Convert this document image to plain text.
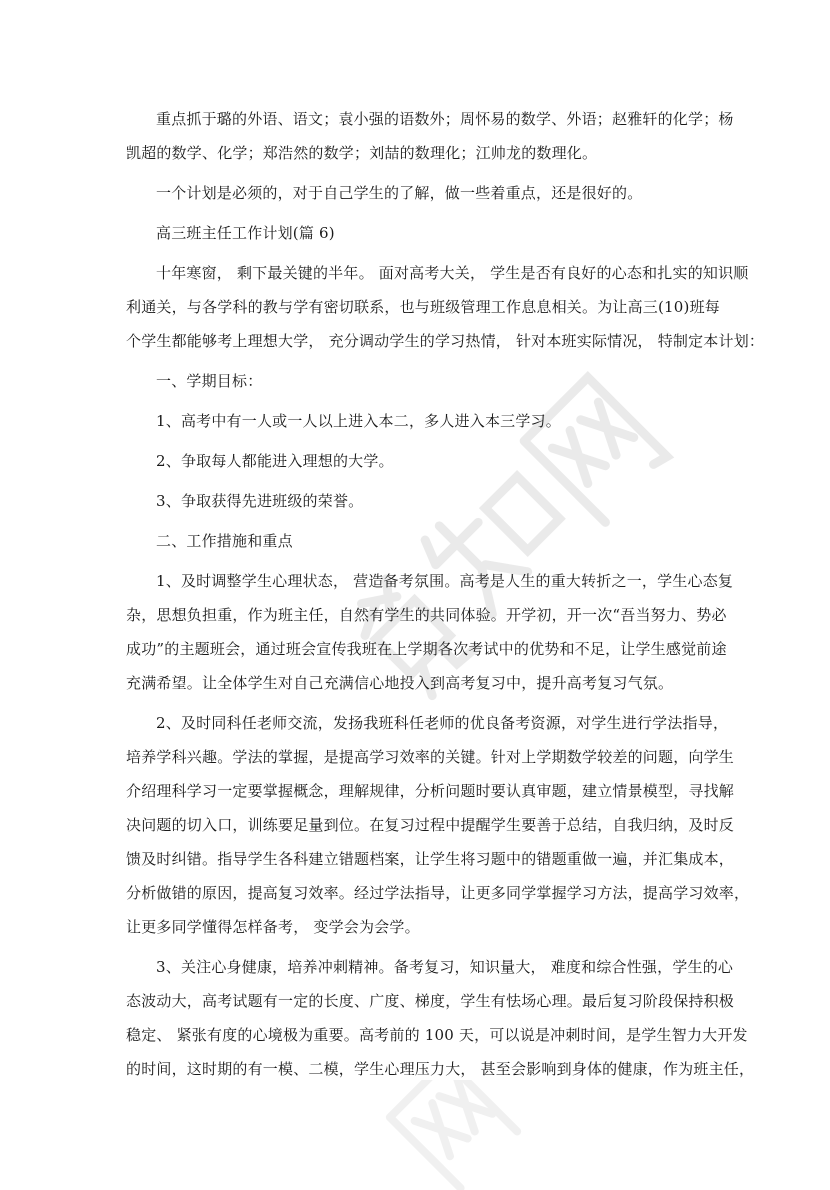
重点抓于璐的外语、语文；袁小强的语数外；周怀易的数学、外语；赵雅轩的化学；杨

凯超的数学、化学；郑浩然的数学；刘喆的数理化；江帅龙的数理化。

一个计划是必须的，对于自己学生的了解，做一些着重点，还是很好的。

高三班主任工作计划(篇 6)

十年寒窗， 剩下最关键的半年。 面对高考大关， 学生是否有良好的心态和扎实的知识顺

利通关，与各学科的教与学有密切联系，也与班级管理工作息息相关。为让高三(10)班每

个学生都能够考上理想大学， 充分调动学生的学习热情， 针对本班实际情况， 特制定本计划：

一、学期目标：

1、高考中有一人或一人以上进入本二，多人进入本三学习。

2、争取每人都能进入理想的大学。

3、争取获得先进班级的荣誉。

二、工作措施和重点

1、及时调整学生心理状态， 营造备考氛围。高考是人生的重大转折之一，学生心态复

杂，思想负担重，作为班主任，自然有学生的共同体验。开学初，开一次“吾当努力、势必

成功”的主题班会，通过班会宣传我班在上学期各次考试中的优势和不足，让学生感觉前途

充满希望。让全体学生对自己充满信心地投入到高考复习中，提升高考复习气氛。

2、及时同科任老师交流，发扬我班科任老师的优良备考资源，对学生进行学法指导，

培养学科兴趣。学法的掌握，是提高学习效率的关键。针对上学期数学较差的问题，向学生

介绍理科学习一定要掌握概念，理解规律，分析问题时要认真审题，建立情景模型，寻找解

决问题的切入口，训练要足量到位。在复习过程中提醒学生要善于总结，自我归纳，及时反

馈及时纠错。指导学生各科建立错题档案，让学生将习题中的错题重做一遍，并汇集成本，

分析做错的原因，提高复习效率。经过学法指导，让更多同学掌握学习方法，提高学习效率，

让更多同学懂得怎样备考， 变学会为会学。

3、关注心身健康，培养冲刺精神。备考复习，知识量大， 难度和综合性强，学生的心

态波动大，高考试题有一定的长度、广度、梯度，学生有怯场心理。最后复习阶段保持积极

稳定、 紧张有度的心境极为重要。高考前的 100 天，可以说是冲刺时间，是学生智力大开发

的时间，这时期的有一模、二模，学生心理压力大， 甚至会影响到身体的健康，作为班主任，
